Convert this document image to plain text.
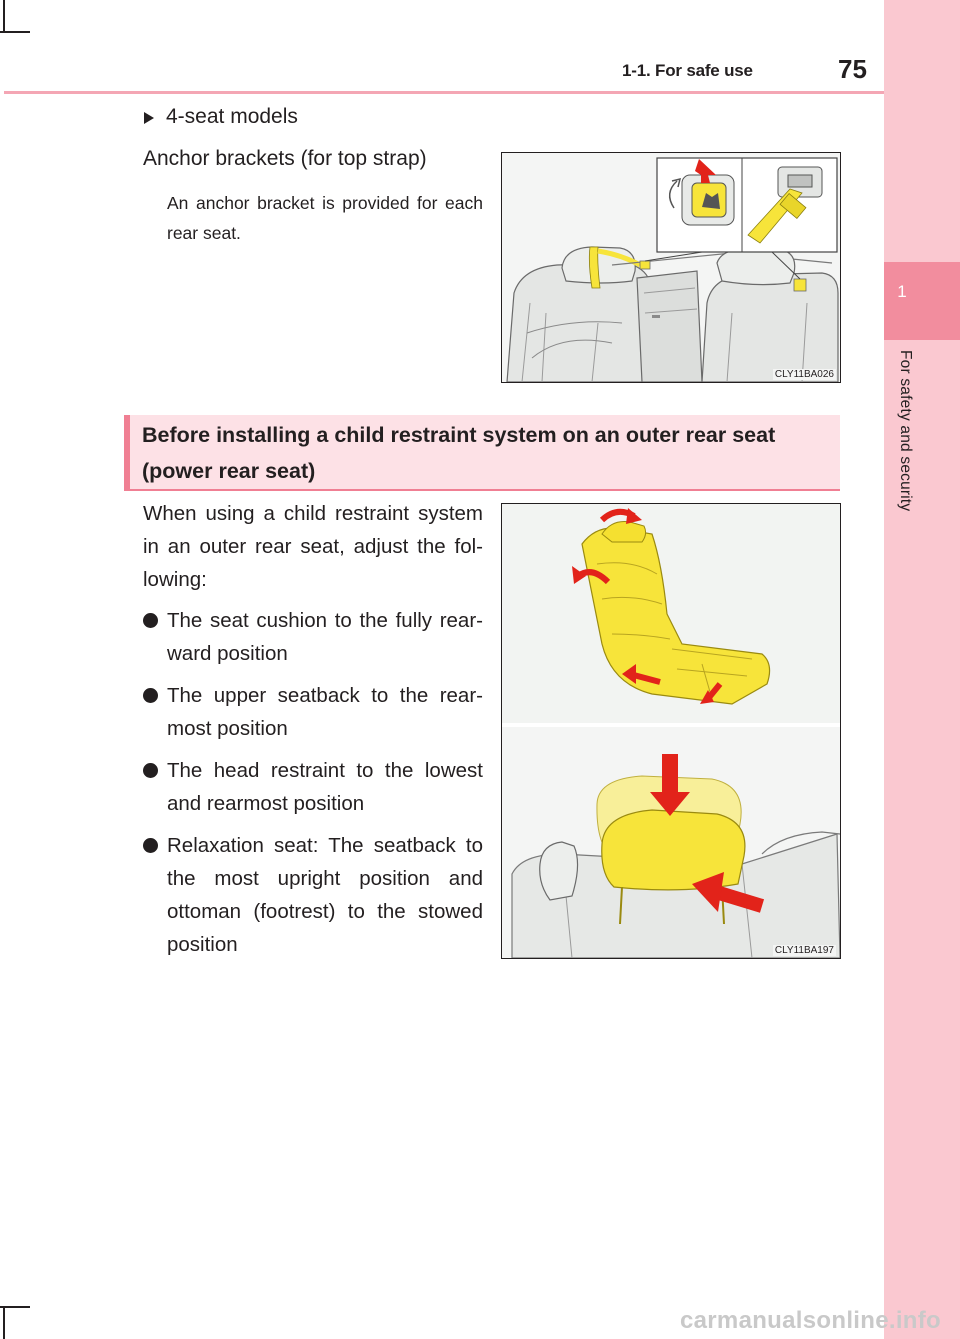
1
For safety and security
1-1. For safe use	75
4-seat models
Anchor brackets (for top strap)
An anchor bracket is provided for each rear seat.
CLY11BA026
Before installing a child restraint system on an outer rear seat (power rear seat)
When using a child restraint system in an outer rear seat, adjust the fol-lowing:
The seat cushion to the fully rear-ward position
The upper seatback to the rear-most position
The head restraint to the lowest and rearmost position
Relaxation seat: The seatback to the most upright position and ottoman (footrest) to the stowed position	CLY11BA197
carmanualsonline.info
